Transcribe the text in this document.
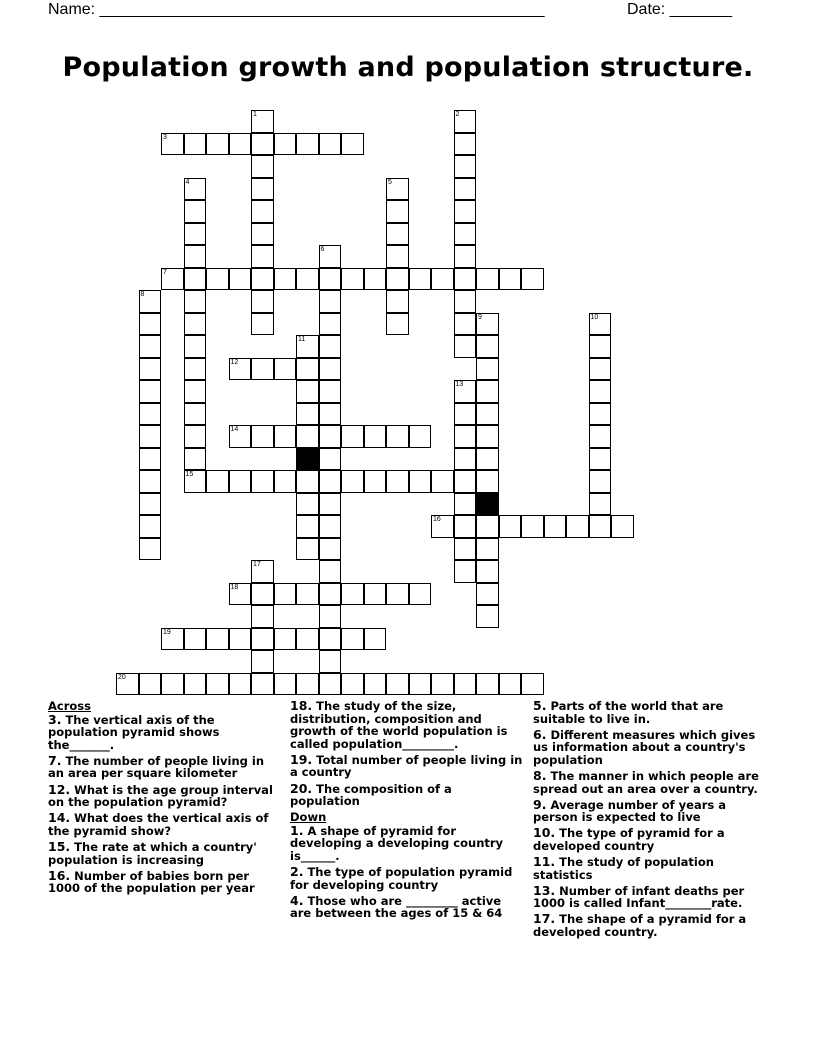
Name: __________________________________________________	Date: _______
Population growth and population structure.
1	2
3
4	5
6
7
8
9	10
11
12
13
14
15
16
17
18
19
20
Across
3. The vertical axis of the population pyramid shows the_______.
7. The number of people living in an area per square kilometer
12. What is the age group interval on the population pyramid?
14. What does the vertical axis of the pyramid show?
15. The rate at which a country' population is increasing
16. Number of babies born per 1000 of the population per year
18. The study of the size, distribution, composition and growth of the world population is called population_________.
19. Total number of people living in a country
20. The composition of a population
Down
1. A shape of pyramid for developing a developing country is______.
2. The type of population pyramid for developing country
4. Those who are _________ active are between the ages of 15 & 64
5. Parts of the world that are suitable to live in.
6. Different measures which gives us information about a country's population
8. The manner in which people are spread out an area over a country.
9. Average number of years a person is expected to live
10. The type of pyramid for a developed country
11. The study of population statistics
13. Number of infant deaths per 1000 is called Infant________rate.
17. The shape of a pyramid for a developed country.
